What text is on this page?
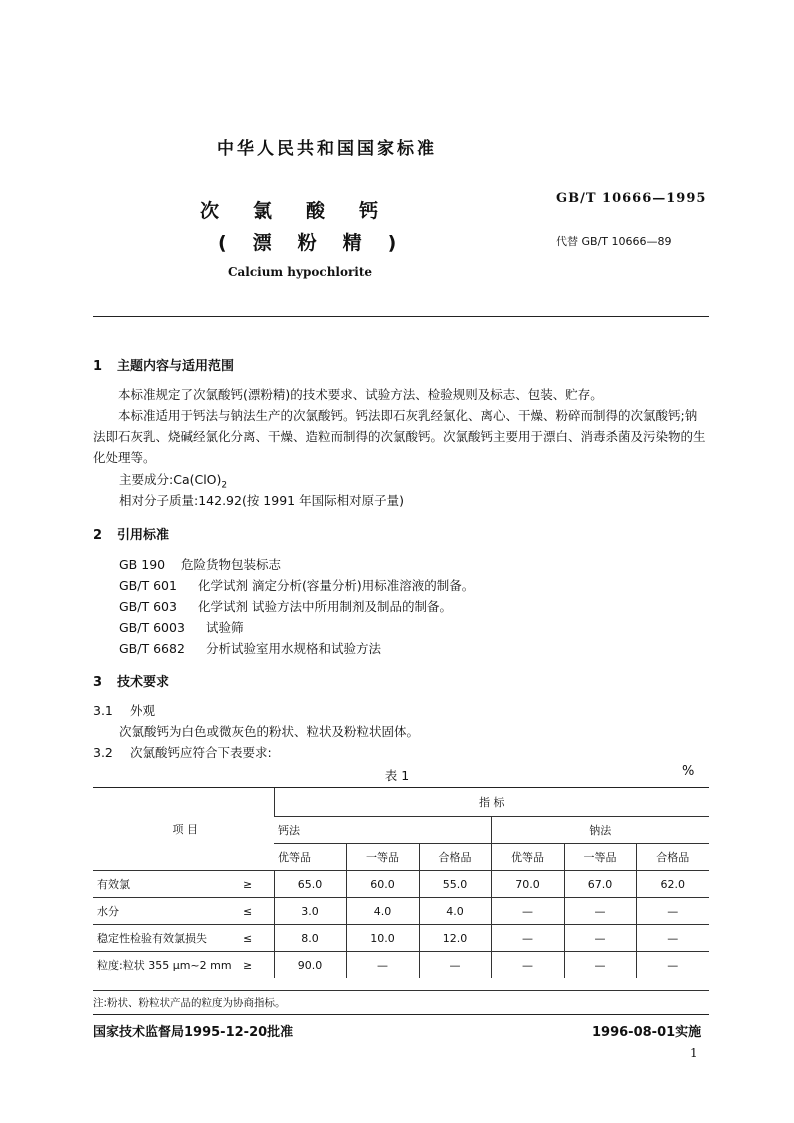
中华人民共和国国家标准
次氯酸钙
(漂粉精)
Calcium hypochlorite
GB/T 10666—1995
代替 GB/T 10666—89
1 主题内容与适用范围
本标准规定了次氯酸钙(漂粉精)的技术要求、试验方法、检验规则及标志、包装、贮存。
本标准适用于钙法与钠法生产的次氯酸钙。钙法即石灰乳经氯化、离心、干燥、粉碎而制得的次氯酸钙;钠法即石灰乳、烧碱经氯化分离、干燥、造粒而制得的次氯酸钙。次氯酸钙主要用于漂白、消毒杀菌及污染物的生化处理等。
主要成分$:Ca(ClO)_2$
相对分子质量:142.92(按 1991 年国际相对原子量)
2 引用标准
GB 190 危险货物包装标志
GB/T 601 化学试剂 滴定分析(容量分析)用标准溶液的制备。
GB/T 603 化学试剂 试验方法中所用制剂及制品的制备。
GB/T 6003 试验筛
GB/T 6682 分析试验室用水规格和试验方法
3 技术要求
3.1 外观
次氯酸钙为白色或微灰色的粉状、粒状及粉粒状固体。
3.2 次氯酸钙应符合下表要求:
表 1	%
项 目	指 标					
	钙法			钠法		
	优等品	一等品	合格品	优等品	一等品	合格品
有效氯 ≥	65.0	60.0	55.0	70.0	67.0	62.0
水分 ≤	3.0	4.0	4.0	—	—	—
稳定性检验有效氯损失 ≤	8.0	10.0	12.0	—	—	—
粒度:粒状 355 μm~2 mm ≥	90.0	—	—	—	—	—
注:粉状、粉粒状产品的粒度为协商指标。
国家技术监督局1995-12-20批准	1996-08-01实施
1
